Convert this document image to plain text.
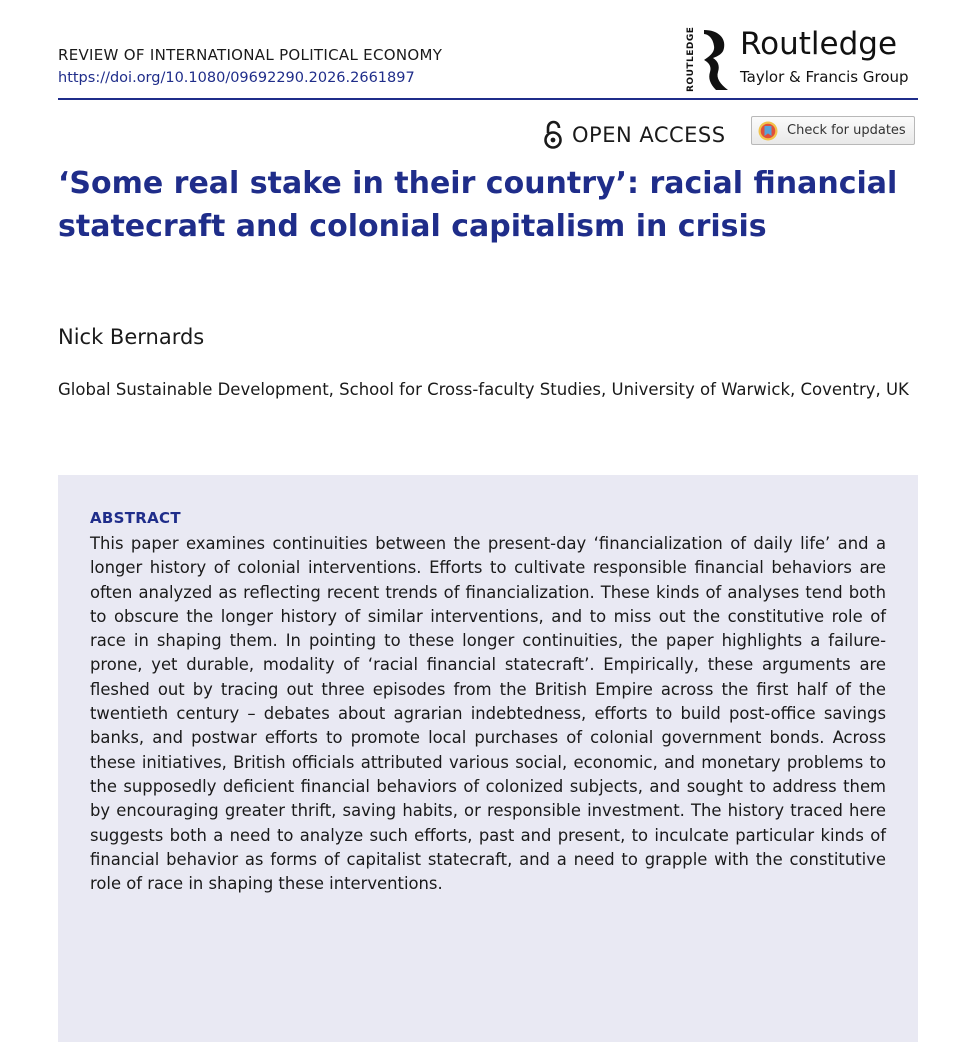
REVIEW OF INTERNATIONAL POLITICAL ECONOMY
https://doi.org/10.1080/09692290.2026.2661897	ROUTLEDGE Routledge
Taylor & Francis Group
OPEN ACCESS	Check for updates
‘Some real stake in their country’: racial financial statecraft and colonial capitalism in crisis
Nick Bernards
Global Sustainable Development, School for Cross-faculty Studies, University of Warwick, Coventry, UK
ABSTRACT

This paper examines continuities between the present-day ‘financialization of daily life’ and a longer history of colonial interventions. Efforts to cultivate responsible financial behaviors are often analyzed as reflecting recent trends of financialization. These kinds of analyses tend both to obscure the longer history of similar interventions, and to miss out the constitutive role of race in shaping them. In pointing to these longer continuities, the paper highlights a failure-prone, yet durable, modality of ‘racial financial statecraft’. Empirically, these arguments are fleshed out by tracing out three episodes from the British Empire across the first half of the twentieth century – debates about agrarian indebtedness, efforts to build post-office savings banks, and postwar efforts to promote local purchases of colonial government bonds. Across these initiatives, British officials attributed various social, economic, and monetary problems to the supposedly deficient financial behaviors of colonized subjects, and sought to address them by encouraging greater thrift, saving habits, or responsible investment. The history traced here suggests both a need to analyze such efforts, past and present, to inculcate particular kinds of financial behavior as forms of capitalist statecraft, and a need to grapple with the constitutive role of race in shaping these interventions.
